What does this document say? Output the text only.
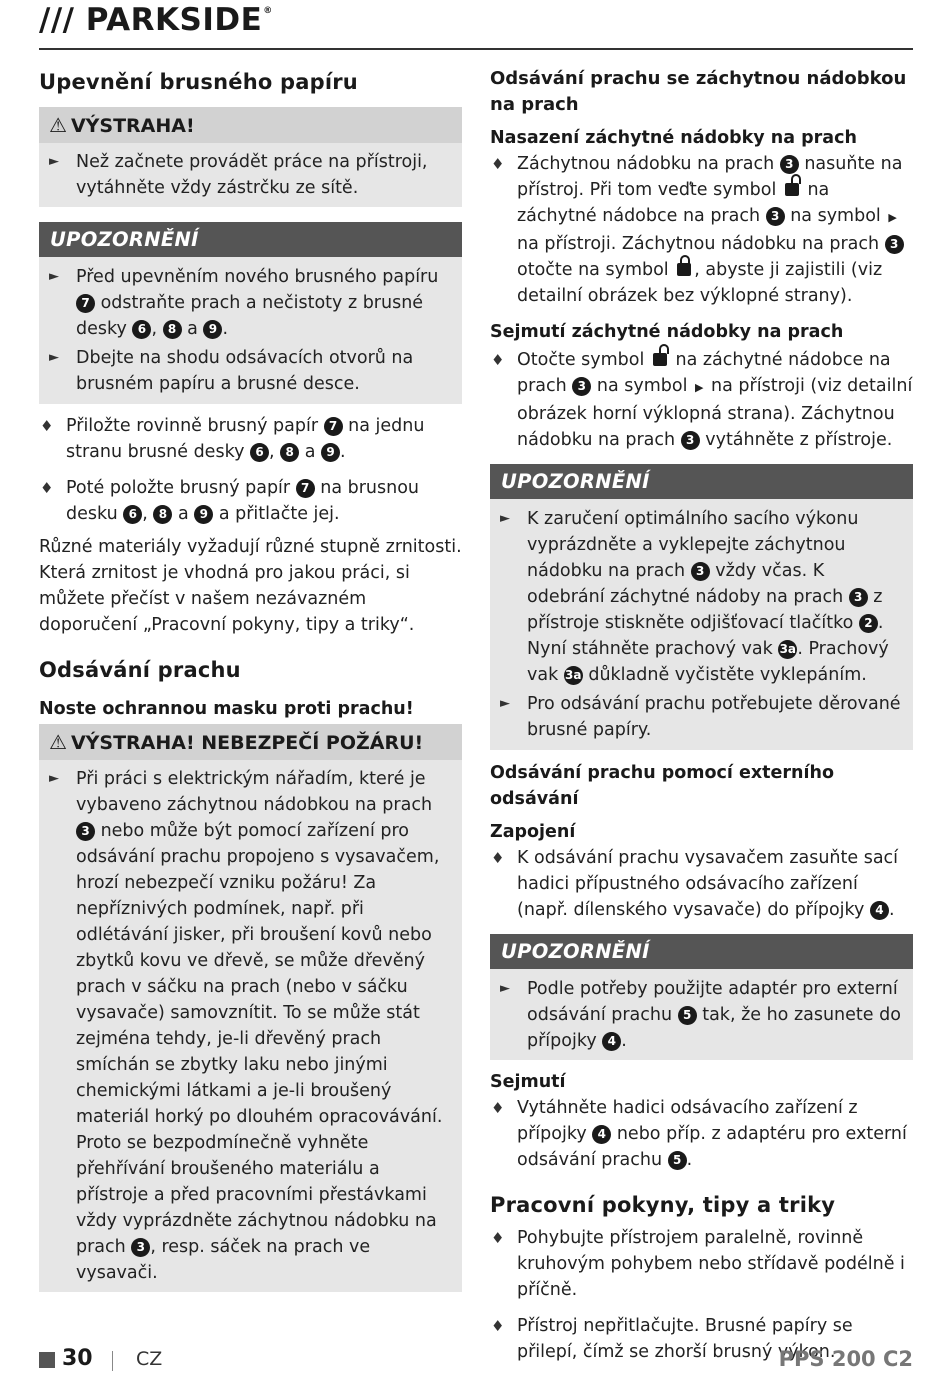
/// PARKSIDE®
Upevnění brusného papíru
⚠ VÝSTRAHA!
► Než začnete provádět práce na přístroji, vytáhněte vždy zástrčku ze sítě.
UPOZORNĚNÍ
► Před upevněním nového brusného papíru 7 odstraňte prach a nečistoty z brusné desky 6 , 8 a 9 .
► Dbejte na shodu odsávacích otvorů na brusném papíru a brusné desce.
♦ Přiložte rovinně brusný papír 7 na jednu stranu brusné desky 6 , 8 a 9 .
♦ Poté položte brusný papír 7 na brusnou desku 6 , 8 a 9 a přitlačte jej.

Různé materiály vyžadují různé stupně zrnitosti. Která zrnitost je vhodná pro jakou práci, si můžete přečíst v našem nezávazném doporučení „Pracovní pokyny, tipy a triky“.

Odsávání prachu
Noste ochrannou masku proti prachu!
⚠ VÝSTRAHA! NEBEZPEČÍ POŽÁRU!
► Při práci s elektrickým nářadím, které je vybaveno záchytnou nádobkou na prach 3 nebo může být pomocí zařízení pro odsávání prachu propojeno s vysavačem, hrozí nebezpečí vzniku požáru! Za nepříznivých podmínek, např. při odlétávání jisker, při broušení kovů nebo zbytků kovu ve dřevě, se může dřevěný prach v sáčku na prach (nebo v sáčku vysavače) samovznítit. To se může stát zejména tehdy, je-li dřevěný prach smíchán se zbytky laku nebo jinými chemickými látkami a je-li broušený materiál horký po dlouhém opracovávání. Proto se bezpodmínečně vyhněte přehřívání broušeného materiálu a přístroje a před pracovními přestávkami vždy vyprázdněte záchytnou nádobku na prach 3 , resp. sáček na prach ve vysavači.
Odsávání prachu se záchytnou nádobkou na prach
Nasazení záchytné nádobky na prach
♦ Záchytnou nádobku na prach 3 nasuňte na přístroj. Při tom veďte symbol  na záchytné nádobce na prach 3 na symbol ▶ na přístroji. Záchytnou nádobku na prach 3 otočte na symbol , abyste ji zajistili (viz detailní obrázek bez výklopné strany).
Sejmutí záchytné nádobky na prach
♦ Otočte symbol  na záchytné nádobce na prach 3 na symbol ▶ na přístroji (viz detailní obrázek horní výklopná strana). Záchytnou nádobku na prach 3 vytáhněte z přístroje.
UPOZORNĚNÍ
► K zaručení optimálního sacího výkonu vyprázdněte a vyklepejte záchytnou nádobku na prach 3 vždy včas. K odebrání záchytné nádoby na prach 3 z přístroje stiskněte odjišťovací tlačítko 2 . Nyní stáhněte prachový vak 3a. Prachový vak 3a důkladně vyčistěte vyklepáním.
► Pro odsávání prachu potřebujete děrované brusné papíry.
Odsávání prachu pomocí externího odsávání
Zapojení
♦ K odsávání prachu vysavačem zasuňte sací hadici přípustného odsávacího zařízení (např. dílenského vysavače) do přípojky 4 .
UPOZORNĚNÍ
► Podle potřeby použijte adaptér pro externí odsávání prachu 5 tak, že ho zasunete do přípojky 4 .
Sejmutí
♦ Vytáhněte hadici odsávacího zařízení z přípojky 4 nebo příp. z adaptéru pro externí odsávání prachu 5 .
Pracovní pokyny, tipy a triky
♦ Pohybujte přístrojem paralelně, rovinně kruhovým pohybem nebo střídavě podélně i příčně.
♦ Přístroj nepřitlačujte. Brusné papíry se přilepí, čímž se zhorší brusný výkon.
30 CZ	PPS 200 C2
